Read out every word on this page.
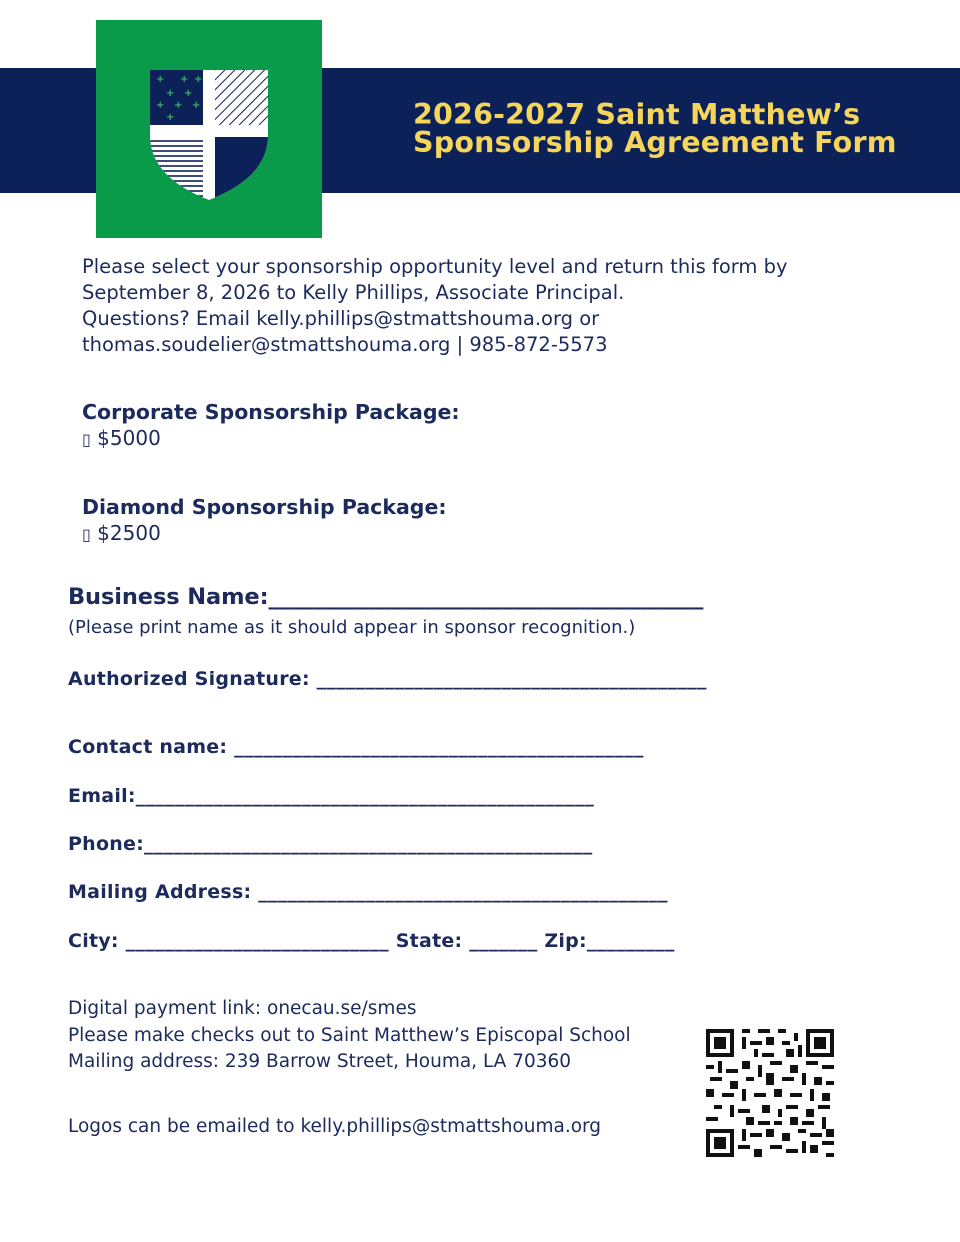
+ + +
+ +
+ + +
+	2026-2027 Saint Matthew’s
Sponsorship Agreement Form
Please select your sponsorship opportunity level and return this form by
September 8, 2026 to Kelly Phillips, Associate Principal.
Questions? Email kelly.phillips@stmattshouma.org or
thomas.soudelier@stmattshouma.org | 985-872-5573
Corporate Sponsorship Package:
▯ $5000
Diamond Sponsorship Package:
▯ $2500
Business Name:_______________________________________
(Please print name as it should appear in sponsor recognition.)
Authorized Signature: ________________________________________
Contact name: __________________________________________
Email:_______________________________________________
Phone:______________________________________________
Mailing Address: __________________________________________
City: ___________________________ State: _______ Zip:_________
Digital payment link: onecau.se/smes
Please make checks out to Saint Matthew’s Episcopal School
Mailing address: 239 Barrow Street, Houma, LA 70360
Logos can be emailed to kelly.phillips@stmattshouma.org
